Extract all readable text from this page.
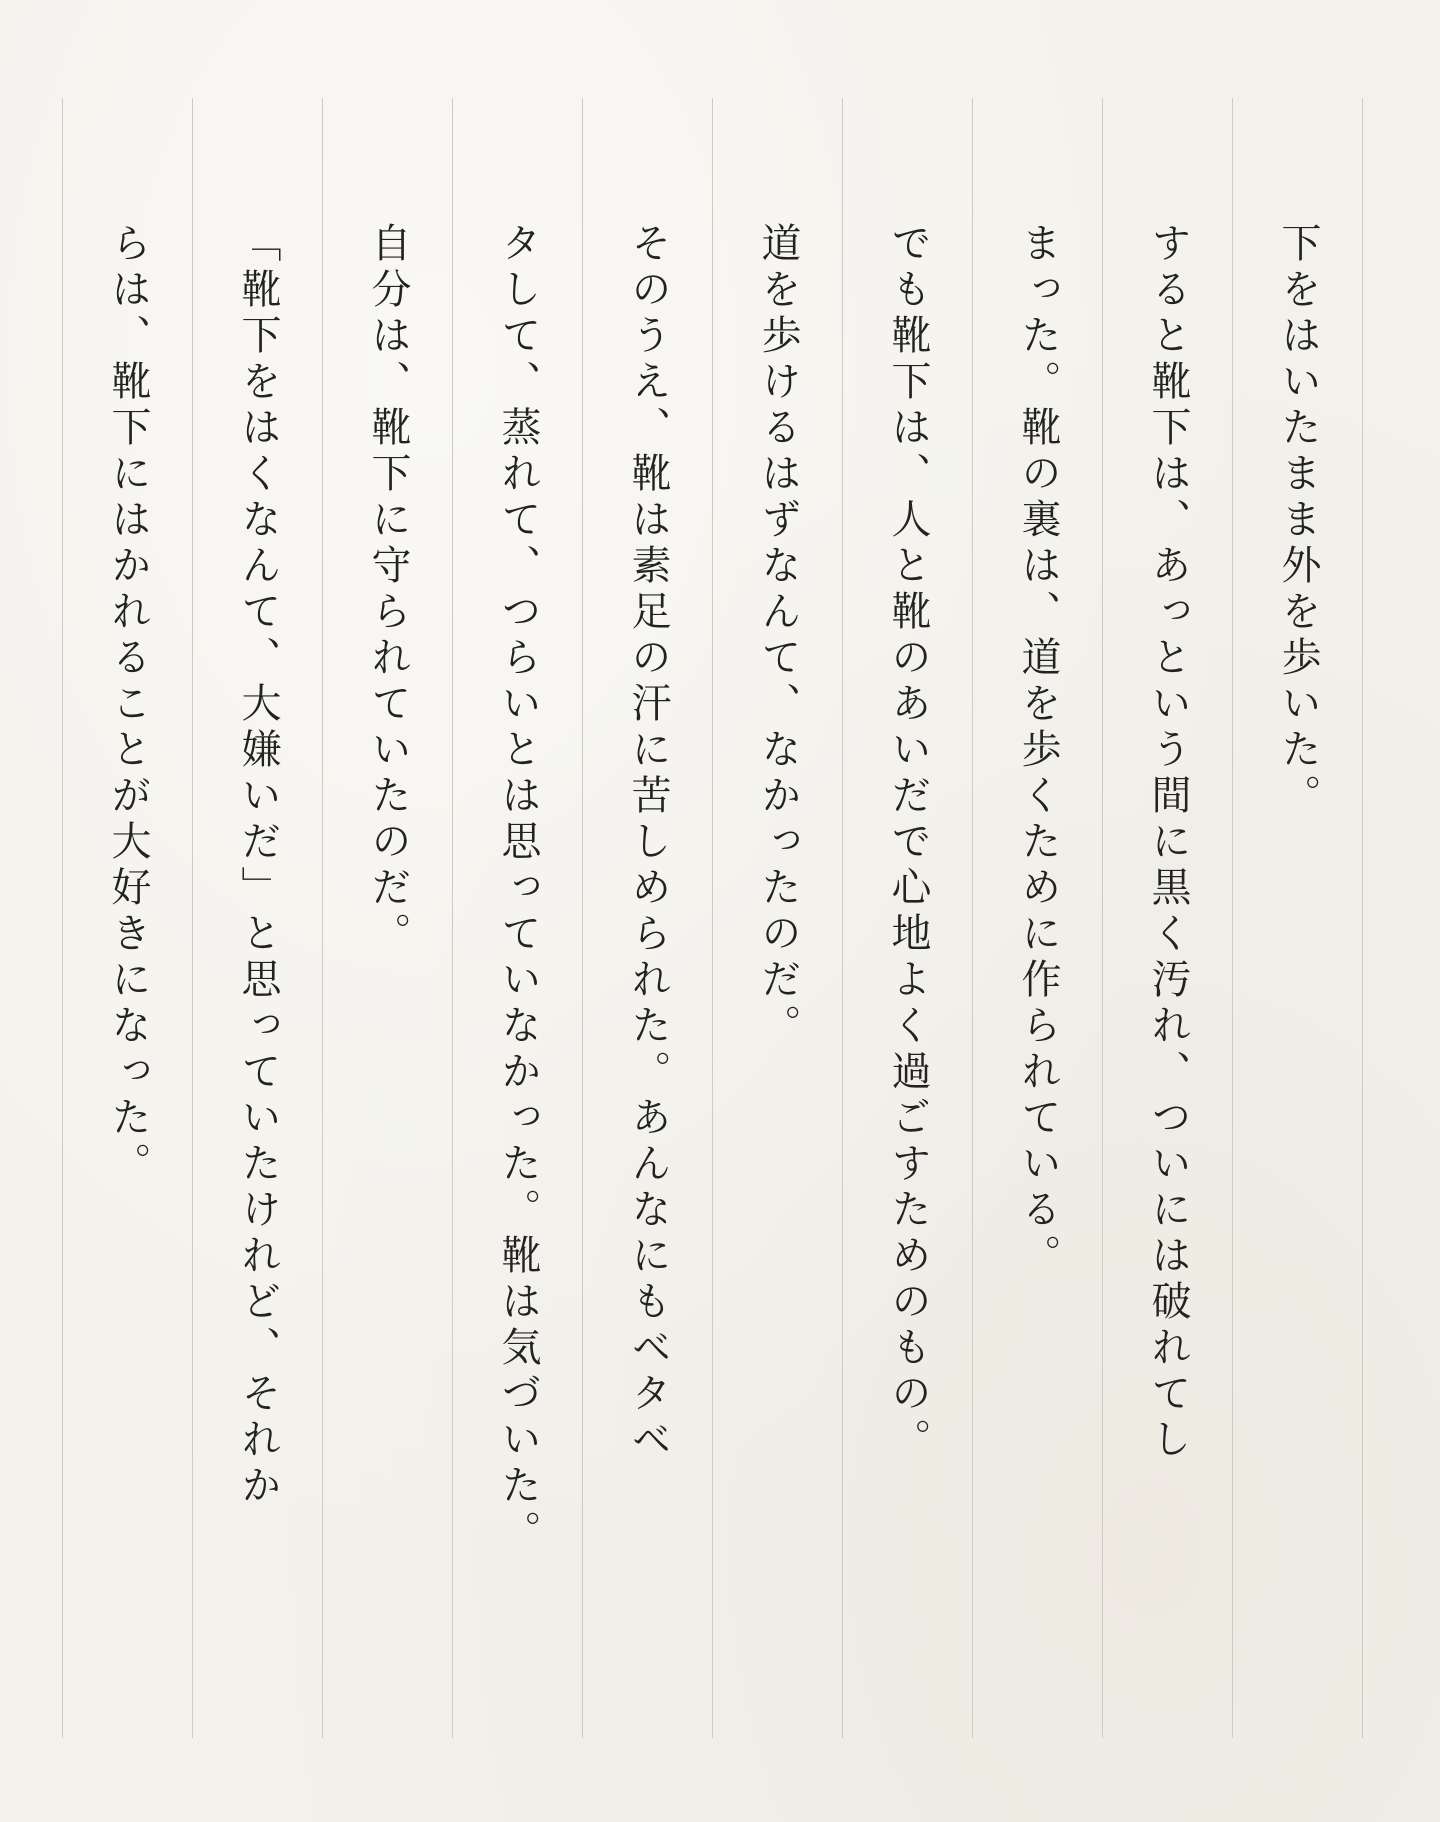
下をはいたまま外を歩いた。
すると靴下は、あっという間に黒く汚れ、ついには破れてし
まった。靴の裏は、道を歩くために作られている。
でも靴下は、人と靴のあいだで心地よく過ごすためのもの。
道を歩けるはずなんて、なかったのだ。
そのうえ、靴は素足の汗に苦しめられた。あんなにもベタベ
タして、蒸れて、つらいとは思っていなかった。靴は気づいた。
自分は、靴下に守られていたのだ。
「靴下をはくなんて、大嫌いだ」と思っていたけれど、それか
らは、靴下にはかれることが大好きになった。
